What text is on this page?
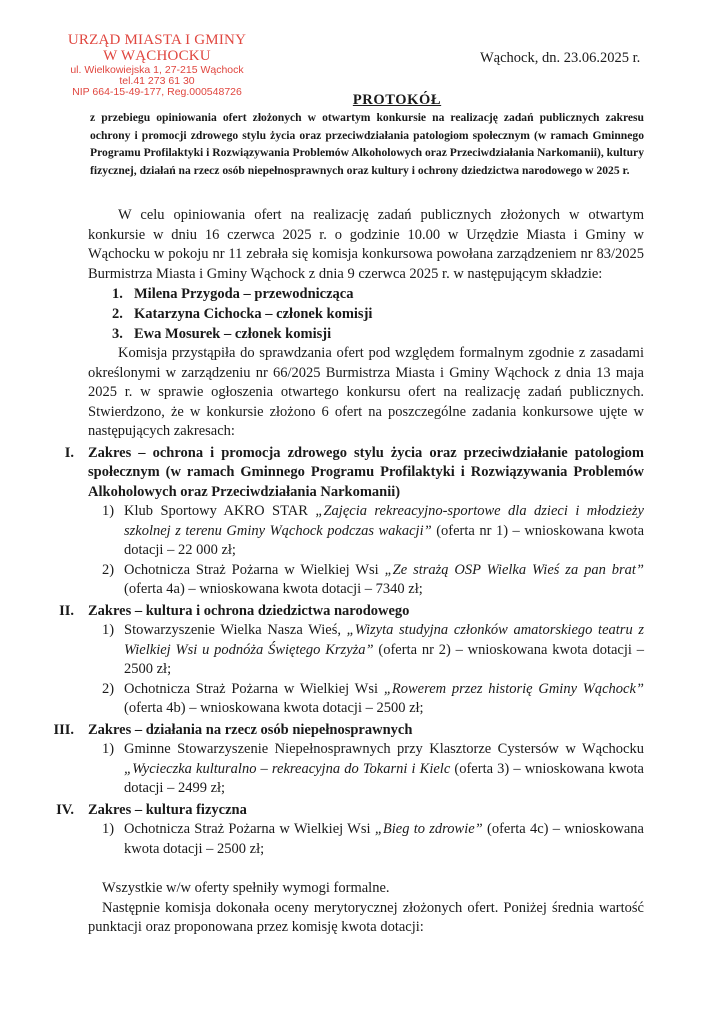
URZĄD MIASTA I GMINY
W WĄCHOCKU
ul. Wielkowiejska 1, 27-215 Wąchock
tel.41 273 61 30
NIP 664-15-49-177, Reg.000548726
Wąchock, dn. 23.06.2025 r.
PROTOKÓŁ
z przebiegu opiniowania ofert złożonych w otwartym konkursie na realizację zadań publicznych zakresu ochrony i promocji zdrowego stylu życia oraz przeciwdziałania patologiom społecznym (w ramach Gminnego Programu Profilaktyki i Rozwiązywania Problemów Alkoholowych oraz Przeciwdziałania Narkomanii), kultury fizycznej, działań na rzecz osób niepełnosprawnych oraz kultury i ochrony dziedzictwa narodowego w 2025 r.

W celu opiniowania ofert na realizację zadań publicznych złożonych w otwartym konkursie w dniu 16 czerwca 2025 r. o godzinie 10.00 w Urzędzie Miasta i Gminy w Wąchocku w pokoju nr 11 zebrała się komisja konkursowa powołana zarządzeniem nr 83/2025 Burmistrza Miasta i Gminy Wąchock z dnia 9 czerwca 2025 r. w następującym składzie:

1. Milena Przygoda – przewodnicząca
2. Katarzyna Cichocka – członek komisji
3. Ewa Mosurek – członek komisji

Komisja przystąpiła do sprawdzania ofert pod względem formalnym zgodnie z zasadami określonymi w zarządzeniu nr 66/2025 Burmistrza Miasta i Gminy Wąchock z dnia 13 maja 2025 r. w sprawie ogłoszenia otwartego konkursu ofert na realizację zadań publicznych. Stwierdzono, że w konkursie złożono 6 ofert na poszczególne zadania konkursowe ujęte w następujących zakresach:

I. Zakres – ochrona i promocja zdrowego stylu życia oraz przeciwdziałanie patologiom społecznym (w ramach Gminnego Programu Profilaktyki i Rozwiązywania Problemów Alkoholowych oraz Przeciwdziałania Narkomanii)
1) Klub Sportowy AKRO STAR „Zajęcia rekreacyjno-sportowe dla dzieci i młodzieży szkolnej z terenu Gminy Wąchock podczas wakacji” (oferta nr 1) – wnioskowana kwota dotacji – 22 000 zł;
2) Ochotnicza Straż Pożarna w Wielkiej Wsi „Ze strażą OSP Wielka Wieś za pan brat” (oferta 4a) – wnioskowana kwota dotacji – 7340 zł;
II. Zakres – kultura i ochrona dziedzictwa narodowego
1) Stowarzyszenie Wielka Nasza Wieś, „Wizyta studyjna członków amatorskiego teatru z Wielkiej Wsi u podnóża Świętego Krzyża” (oferta nr 2) – wnioskowana kwota dotacji – 2500 zł;
2) Ochotnicza Straż Pożarna w Wielkiej Wsi „Rowerem przez historię Gminy Wąchock” (oferta 4b) – wnioskowana kwota dotacji – 2500 zł;
III. Zakres – działania na rzecz osób niepełnosprawnych
1) Gminne Stowarzyszenie Niepełnosprawnych przy Klasztorze Cystersów w Wąchocku „Wycieczka kulturalno – rekreacyjna do Tokarni i Kielc (oferta 3) – wnioskowana kwota dotacji – 2499 zł;
IV. Zakres – kultura fizyczna
1) Ochotnicza Straż Pożarna w Wielkiej Wsi „Bieg to zdrowie” (oferta 4c) – wnioskowana kwota dotacji – 2500 zł;

Wszystkie w/w oferty spełniły wymogi formalne.

Następnie komisja dokonała oceny merytorycznej złożonych ofert. Poniżej średnia wartość punktacji oraz proponowana przez komisję kwota dotacji:
